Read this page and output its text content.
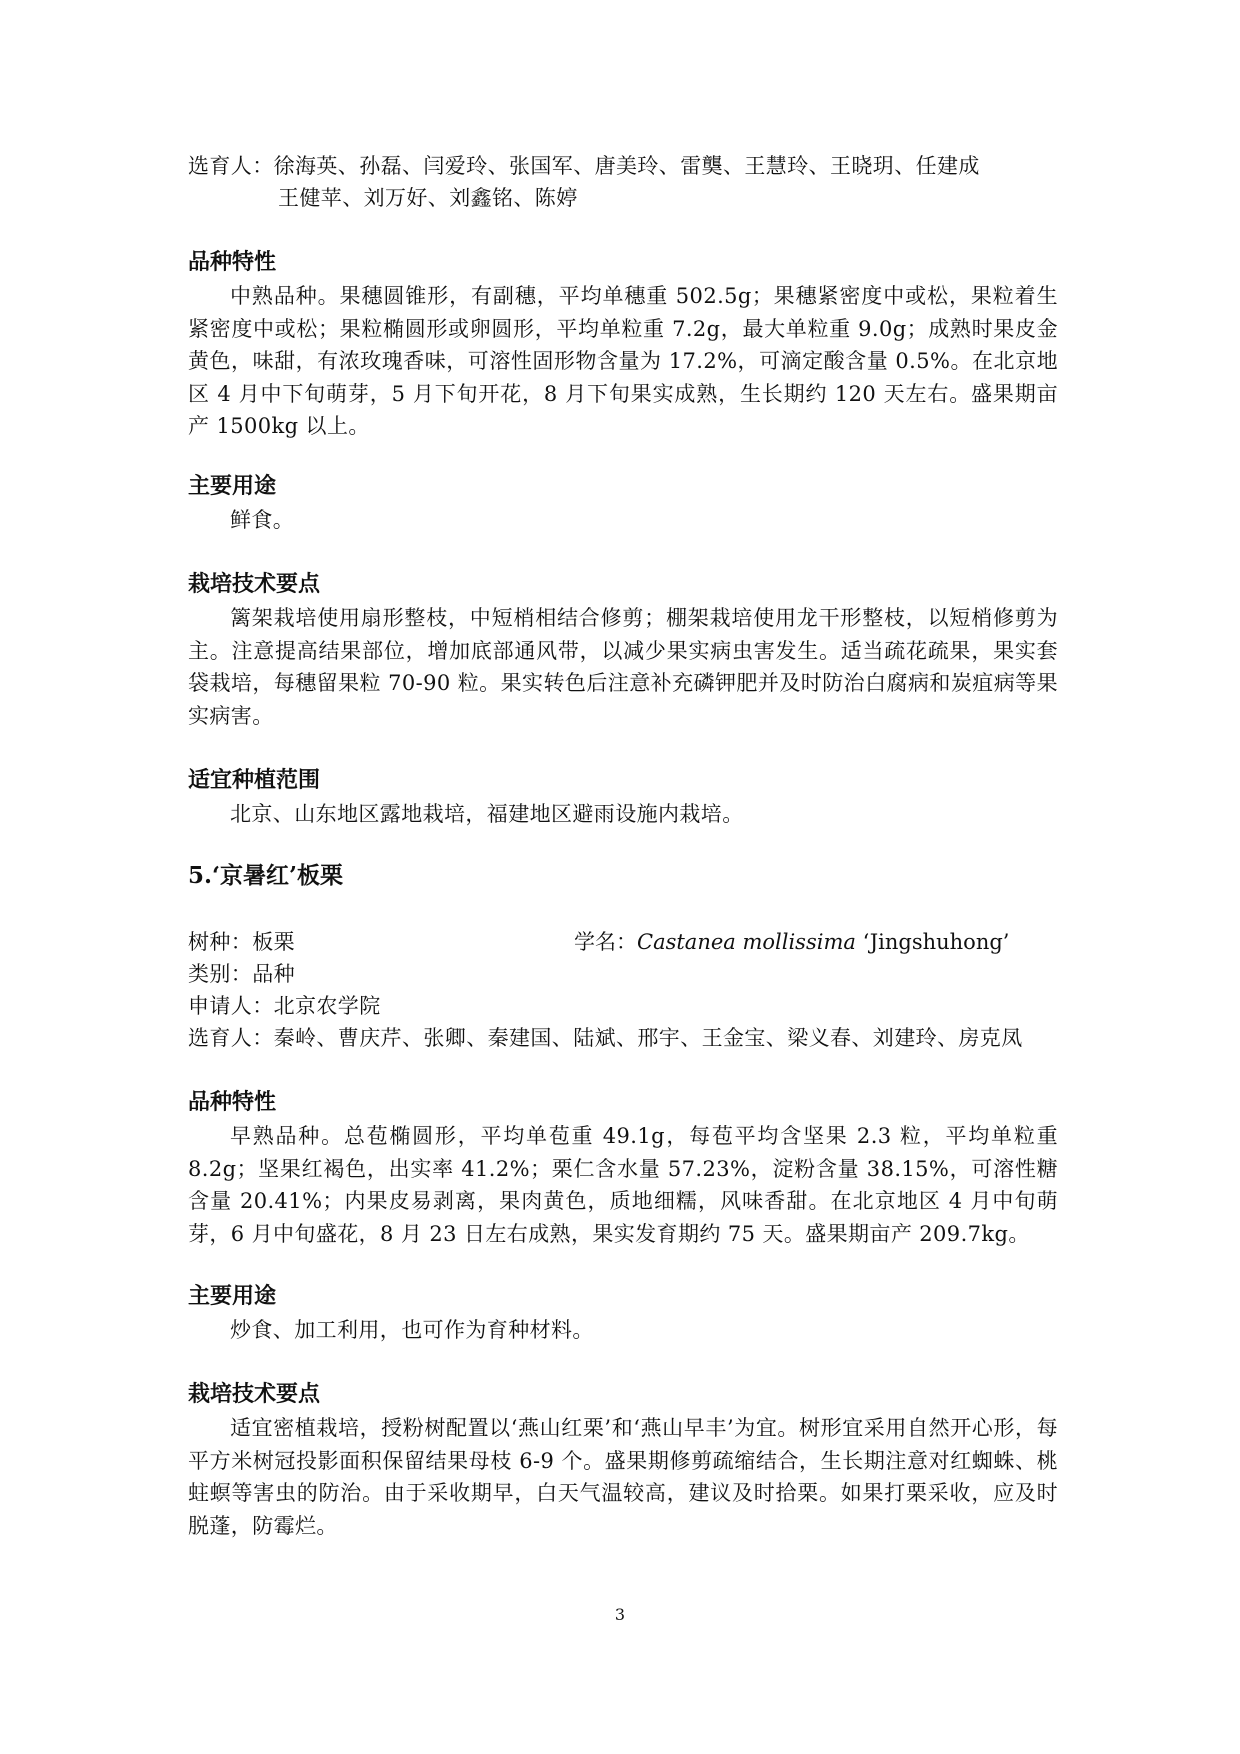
选育人：徐海英、孙磊、闫爱玲、张国军、唐美玲、雷龑、王慧玲、王晓玥、任建成
王健苹、刘万好、刘鑫铭、陈婷
品种特性
中熟品种。果穗圆锥形，有副穗，平均单穗重 502.5g；果穗紧密度中或松，果粒着生紧密度中或松；果粒椭圆形或卵圆形，平均单粒重 7.2g，最大单粒重 9.0g；成熟时果皮金黄色，味甜，有浓玫瑰香味，可溶性固形物含量为 17.2%，可滴定酸含量 0.5%。在北京地区 4 月中下旬萌芽，5 月下旬开花，8 月下旬果实成熟，生长期约 120 天左右。盛果期亩产 1500kg 以上。
主要用途
鲜食。
栽培技术要点
篱架栽培使用扇形整枝，中短梢相结合修剪；棚架栽培使用龙干形整枝，以短梢修剪为主。注意提高结果部位，增加底部通风带，以减少果实病虫害发生。适当疏花疏果，果实套袋栽培，每穗留果粒 70-90 粒。果实转色后注意补充磷钾肥并及时防治白腐病和炭疽病等果实病害。
适宜种植范围
北京、山东地区露地栽培，福建地区避雨设施内栽培。
5.‘京暑红’板栗
树种：板栗	学名：Castanea mollissima ‘Jingshuhong’
类别：品种
申请人：北京农学院
选育人：秦岭、曹庆芹、张卿、秦建国、陆斌、邢宇、王金宝、梁义春、刘建玲、房克凤
品种特性
早熟品种。总苞椭圆形，平均单苞重 49.1g，每苞平均含坚果 2.3 粒，平均单粒重 8.2g；坚果红褐色，出实率 41.2%；栗仁含水量 57.23%，淀粉含量 38.15%，可溶性糖含量 20.41%；内果皮易剥离，果肉黄色，质地细糯，风味香甜。在北京地区 4 月中旬萌芽，6 月中旬盛花，8 月 23 日左右成熟，果实发育期约 75 天。盛果期亩产 209.7kg。
主要用途
炒食、加工利用，也可作为育种材料。
栽培技术要点
适宜密植栽培，授粉树配置以‘燕山红栗’和‘燕山早丰’为宜。树形宜采用自然开心形，每平方米树冠投影面积保留结果母枝 6-9 个。盛果期修剪疏缩结合，生长期注意对红蜘蛛、桃蛀螟等害虫的防治。由于采收期早，白天气温较高，建议及时拾栗。如果打栗采收，应及时脱蓬，防霉烂。
3
